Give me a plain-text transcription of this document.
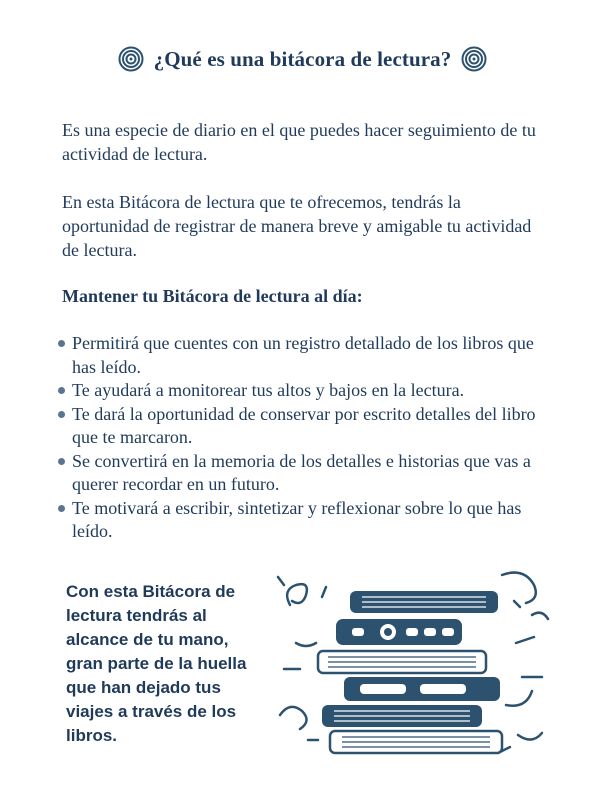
¿Qué es una bitácora de lectura?

Es una especie de diario en el que puedes hacer seguimiento de tu actividad de lectura.

En esta Bitácora de lectura que te ofrecemos, tendrás la oportunidad de registrar de manera breve y amigable tu actividad de lectura.

Mantener tu Bitácora de lectura al día:
Permitirá que cuentes con un registro detallado de los libros que has leído.
Te ayudará a monitorear tus altos y bajos en la lectura.
Te dará la oportunidad de conservar por escrito detalles del libro que te marcaron.
Se convertirá en la memoria de los detalles e historias que vas a querer recordar en un futuro.
Te motivará a escribir, sintetizar y reflexionar sobre lo que has leído.

Con esta Bitácora de lectura tendrás al alcance de tu mano, gran parte de la huella que han dejado tus viajes a través de los libros.
